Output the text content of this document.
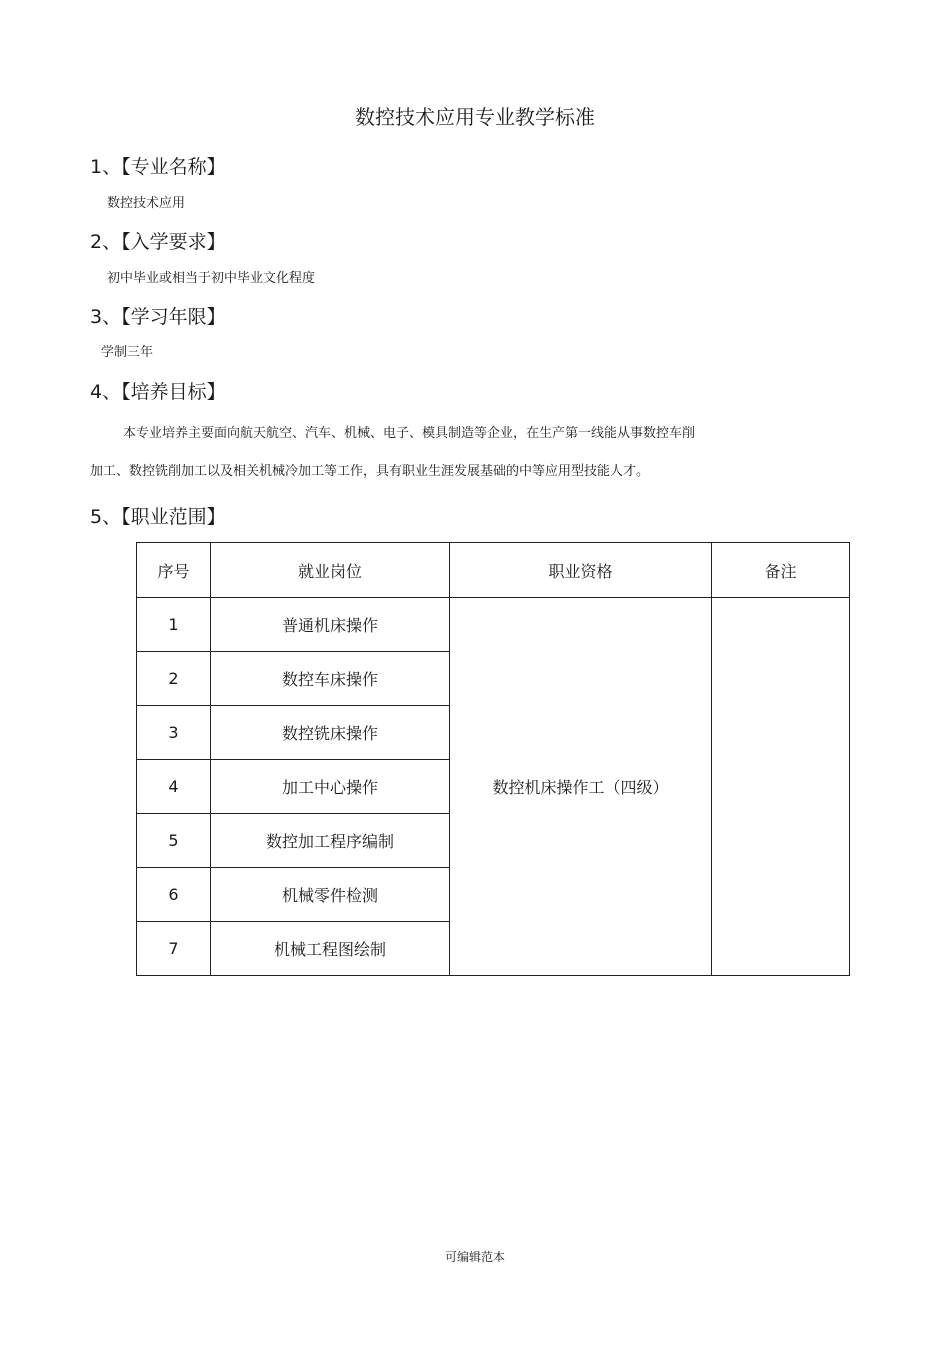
数控技术应用专业教学标准
1、【专业名称】
数控技术应用
2、【入学要求】
初中毕业或相当于初中毕业文化程度
3、【学习年限】
学制三年
4、【培养目标】
本专业培养主要面向航天航空、汽车、机械、电子、模具制造等企业，在生产第一线能从事数控车削
加工、数控铣削加工以及相关机械冷加工等工作，具有职业生涯发展基础的中等应用型技能人才。
5、【职业范围】
序号	就业岗位	职业资格	备注
1	普通机床操作	数控机床操作工（四级）	
2	数控车床操作		
3	数控铣床操作		
4	加工中心操作		
5	数控加工程序编制		
6	机械零件检测		
7	机械工程图绘制		
可编辑范本
